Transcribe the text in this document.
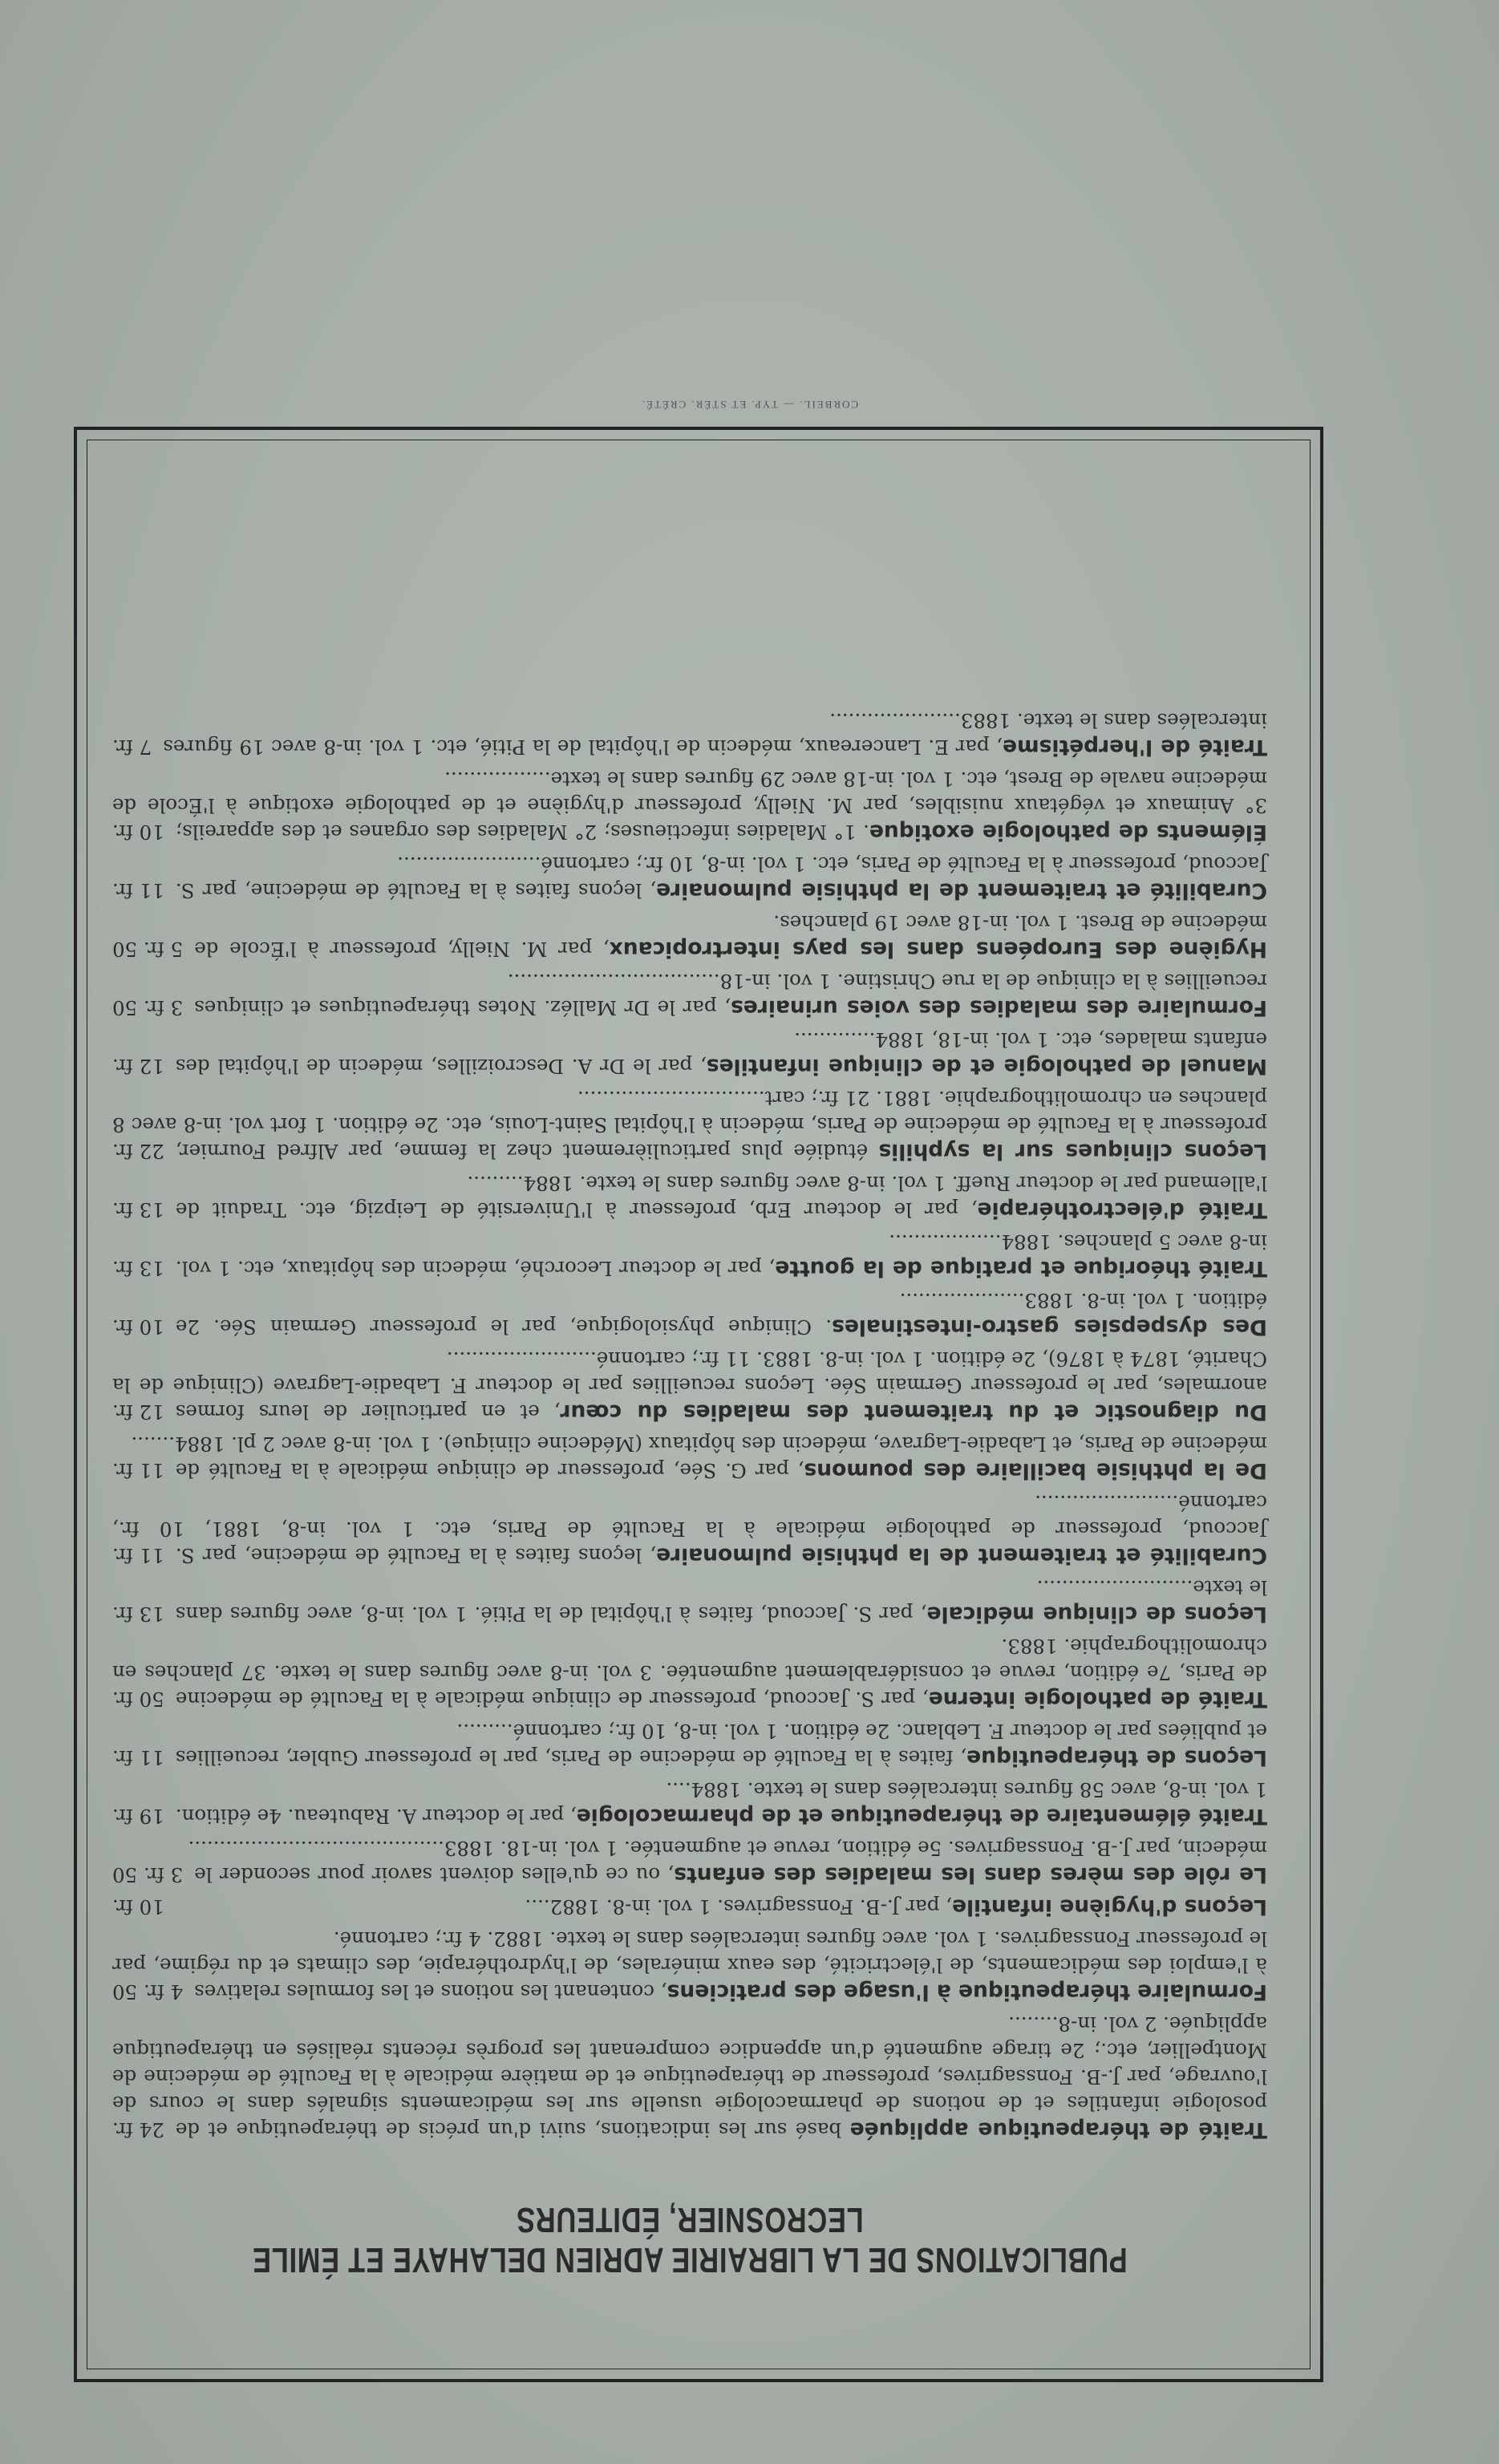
CORBEIL. — TYP. ET STÉR. CRÉTÉ.
PUBLICATIONS DE LA LIBRAIRIE ADRIEN DELAHAYE ET ÉMILE LECROSNIER, ÉDITEURS
24 fr.	Traité de thérapeutique appliquée basé sur les indications, suivi d'un précis de thérapeutique et de posologie infantiles et de notions de pharmacologie usuelle sur les médicaments signalés dans le cours de l'ouvrage, par J.-B. Fonssagrives, professeur de thérapeutique et de matière médicale à la Faculté de médecine de Montpellier, etc.; 2e tirage augmenté d'un appendice comprenant les progrès récents réalisés en thérapeutique appliquée. 2 vol. in-8........
4 fr. 50	Formulaire thérapeutique à l'usage des praticiens, contenant les notions et les formules relatives à l'emploi des médicaments, de l'électricité, des eaux minérales, de l'hydrothérapie, des climats et du régime, par le professeur Fonssagrives. 1 vol. avec figures intercalées dans le texte. 1882. 4 fr.; cartonné.
10 fr.	Leçons d'hygiène infantile, par J.-B. Fonssagrives. 1 vol. in-8. 1882....
3 fr. 50	Le rôle des mères dans les maladies des enfants, ou ce qu'elles doivent savoir pour seconder le médecin, par J.-B. Fonssagrives. 5e édition, revue et augmentée. 1 vol. in-18. 1883.........................................
19 fr.	Traité élémentaire de thérapeutique et de pharmacologie, par le docteur A. Rabuteau. 4e édition. 1 vol. in-8, avec 58 figures intercalées dans le texte. 1884....
11 fr.	Leçons de thérapeutique, faites à la Faculté de médecine de Paris, par le professeur Gubler, recueillies et publiées par le docteur F. Leblanc. 2e édition. 1 vol. in-8, 10 fr.; cartonné.........
50 fr.	Traité de pathologie interne, par S. Jaccoud, professeur de clinique médicale à la Faculté de médecine de Paris, 7e édition, revue et considérablement augmentée. 3 vol. in-8 avec figures dans le texte. 37 planches en chromolithographie. 1883.
13 fr.	Leçons de clinique médicale, par S. Jaccoud, faites à l'hôpital de la Pitié. 1 vol. in-8, avec figures dans le texte.........................
11 fr.	Curabilité et traitement de la phthisie pulmonaire, leçons faites à la Faculté de médecine, par S. Jaccoud, professeur de pathologie médicale à la Faculté de Paris, etc. 1 vol. in-8, 1881, 10 fr., cartonné.......................
11 fr.	De la phthisie bacillaire des poumons, par G. Sée, professeur de clinique médicale à la Faculté de médecine de Paris, et Labadie-Lagrave, médecin des hôpitaux (Médecine clinique). 1 vol. in-8 avec 2 pl. 1884.......
12 fr.	Du diagnostic et du traitement des maladies du cœur, et en particulier de leurs formes anormales, par le professeur Germain Sée. Leçons recueillies par le docteur F. Labadie-Lagrave (Clinique de la Charité, 1874 à 1876), 2e édition. 1 vol. in-8. 1883. 11 fr.; cartonné........................
10 fr.	Des dyspepsies gastro-intestinales. Clinique physiologique, par le professeur Germain Sée. 2e édition. 1 vol. in-8. 1883....................
13 fr.	Traité théorique et pratique de la goutte, par le docteur Lecorché, médecin des hôpitaux, etc. 1 vol. in-8 avec 5 planches. 1884..................
13 fr.	Traité d'électrothérapie, par le docteur Erb, professeur à l'Université de Leipzig, etc. Traduit de l'allemand par le docteur Rueff. 1 vol. in-8 avec figures dans le texte. 1884.........
22 fr.	Leçons cliniques sur la syphilis étudiée plus particulièrement chez la femme, par Alfred Fournier, professeur à la Faculté de médecine de Paris, médecin à l'hôpital Saint-Louis, etc. 2e édition. 1 fort vol. in-8 avec 8 planches en chromolithographie. 1881. 21 fr.; cart..............................
12 fr.	Manuel de pathologie et de clinique infantiles, par le Dr A. Descroizilles, médecin de l'hôpital des enfants malades, etc. 1 vol. in-18, 1884.............
3 fr. 50	Formulaire des maladies des voies urinaires, par le Dr Malléz. Notes thérapeutiques et cliniques recueillies à la clinique de la rue Christine. 1 vol. in-18..................................
5 fr. 50	Hygiène des Européens dans les pays intertropicaux, par M. Nielly, professeur à l'École de médecine de Brest. 1 vol. in-18 avec 19 planches.
11 fr.	Curabilité et traitement de la phthisie pulmonaire, leçons faites à la Faculté de médecine, par S. Jaccoud, professeur à la Faculté de Paris, etc. 1 vol. in-8, 10 fr.; cartonné.......................
10 fr.	Éléments de pathologie exotique. 1° Maladies infectieuses; 2° Maladies des organes et des appareils; 3° Animaux et végétaux nuisibles, par M. Nielly, professeur d'hygiène et de pathologie exotique à l'École de médecine navale de Brest, etc. 1 vol. in-18 avec 29 figures dans le texte.................
7 fr.	Traité de l'herpétisme, par E. Lancereaux, médecin de l'hôpital de la Pitié, etc. 1 vol. in-8 avec 19 figures intercalées dans le texte. 1883.....................
